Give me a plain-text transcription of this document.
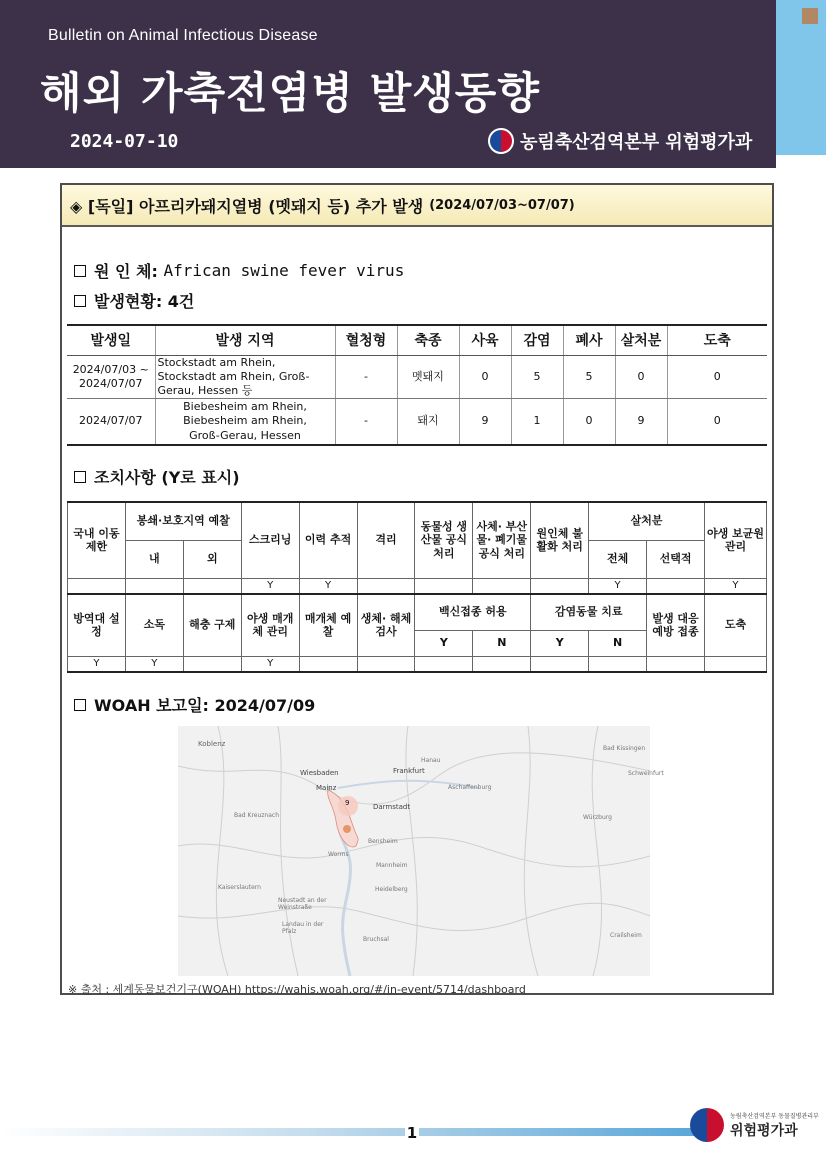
Bulletin on Animal Infectious Disease
해외 가축전염병 발생동향
2024-07-10	농림축산검역본부 위험평가과
◈ [독일] 아프리카돼지열병 (멧돼지 등) 추가 발생 (2024/07/03~07/07)
원 인 체:
African swine fever virus
발생현황: 4건
발생일	발생 지역	혈청형	축종	사육	감염	폐사	살처분	도축
2024/07/03 ~ 2024/07/07	Stockstadt am Rhein, Stockstadt am Rhein, Groß-Gerau, Hessen 등	-	멧돼지	0	5	5	0	0
2024/07/07	Biebesheim am Rhein, Biebesheim am Rhein, Groß-Gerau, Hessen	-	돼지	9	1	0	9	0
조치사항 (Y로 표시)
국내 이동 제한	봉쇄·보호지역 예찰		스크리닝	이력 추적	격리	동물성 생산물 공식 처리	사체· 부산물· 폐기물 공식 처리	원인체 불활화 처리	살처분		야생 보균원 관리
	내	외							전체	선택적	
			Y	Y					Y		Y
방역대 설정	소독	해충 구제	야생 매개체 관리	매개체 예찰	생체· 해체 검사	백신접종 허용		감염동물 치료		발생 대응 예방 접종	도축
						Y	N	Y	N		
Y	Y		Y								
WOAH 보고일: 2024/07/09
9
Koblenz
Wiesbaden	Frankfurt
Mainz
Darmstadt
Hanau
Aschaffenburg
Bad Kreuznach
Bensheim
Worms
Mannheim
Heidelberg
Kaiserslautern
Neustadt an der Weinstraße
Landau in der Pfalz
Bruchsal
Würzburg
Bad Kissingen
Schweinfurt
Crailsheim
※ 출처 : 세계동물보건기구(WOAH) https://wahis.woah.org/#/in-event/5714/dashboard
1
농림축산검역본부 동물질병관리부
위험평가과
